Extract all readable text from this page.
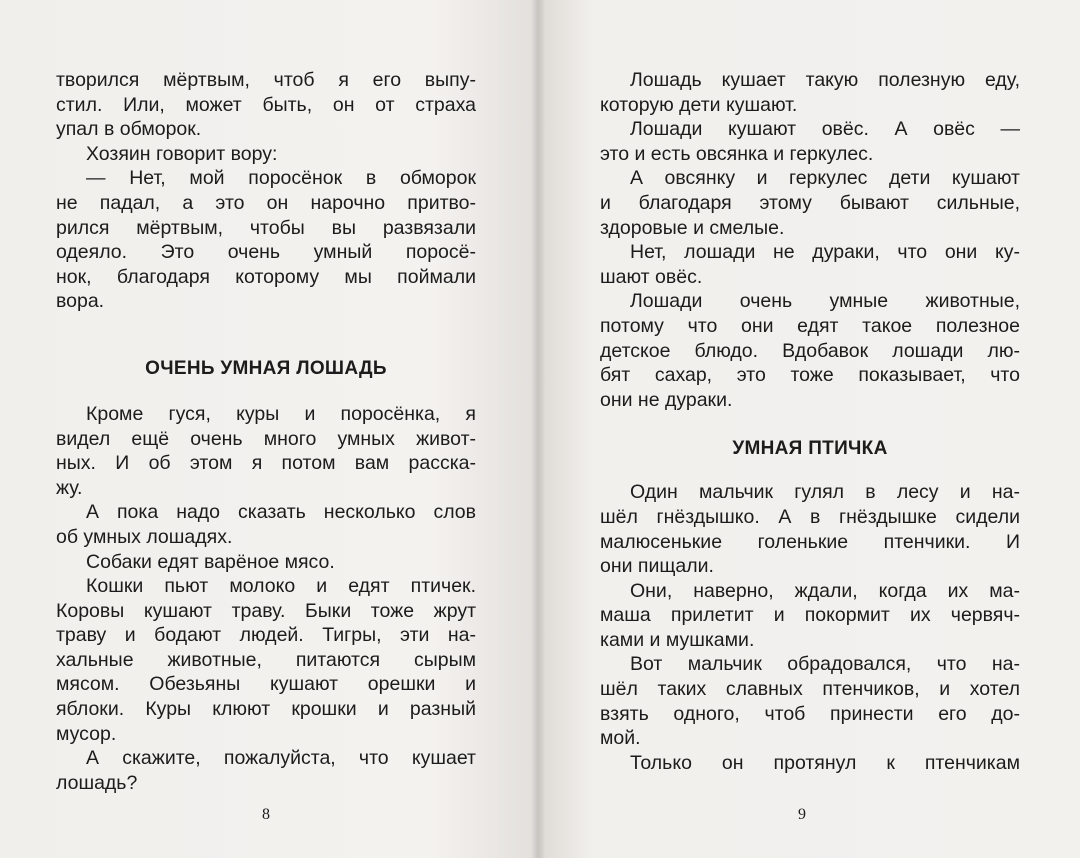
творился мёртвым, чтоб я его выпу-
стил. Или, может быть, он от страха
упал в обморок.
Хозяин говорит вору:
— Нет, мой поросёнок в обморок
не падал, а это он нарочно притво-
рился мёртвым, чтобы вы развязали
одеяло. Это очень умный поросё-
нок, благодаря которому мы поймали
вора.
ОЧЕНЬ УМНАЯ ЛОШАДЬ
Кроме гуся, куры и поросёнка, я
видел ещё очень много умных живот-
ных. И об этом я потом вам расска-
жу.
А пока надо сказать несколько слов
об умных лошадях.
Собаки едят варёное мясо.
Кошки пьют молоко и едят птичек.
Коровы кушают траву. Быки тоже жрут
траву и бодают людей. Тигры, эти на-
хальные животные, питаются сырым
мясом. Обезьяны кушают орешки и
яблоки. Куры клюют крошки и разный
мусор.
А скажите, пожалуйста, что кушает
лошадь?
8
Лошадь кушает такую полезную еду,
которую дети кушают.
Лошади кушают овёс. А овёс —
это и есть овсянка и геркулес.
А овсянку и геркулес дети кушают
и благодаря этому бывают сильные,
здоровые и смелые.
Нет, лошади не дураки, что они ку-
шают овёс.
Лошади очень умные животные,
потому что они едят такое полезное
детское блюдо. Вдобавок лошади лю-
бят сахар, это тоже показывает, что
они не дураки.
УМНАЯ ПТИЧКА
Один мальчик гулял в лесу и на-
шёл гнёздышко. А в гнёздышке сидели
малюсенькие голенькие птенчики. И
они пищали.
Они, наверно, ждали, когда их ма-
маша прилетит и покормит их червяч-
ками и мушками.
Вот мальчик обрадовался, что на-
шёл таких славных птенчиков, и хотел
взять одного, чтоб принести его до-
мой.
Только он протянул к птенчикам
9
